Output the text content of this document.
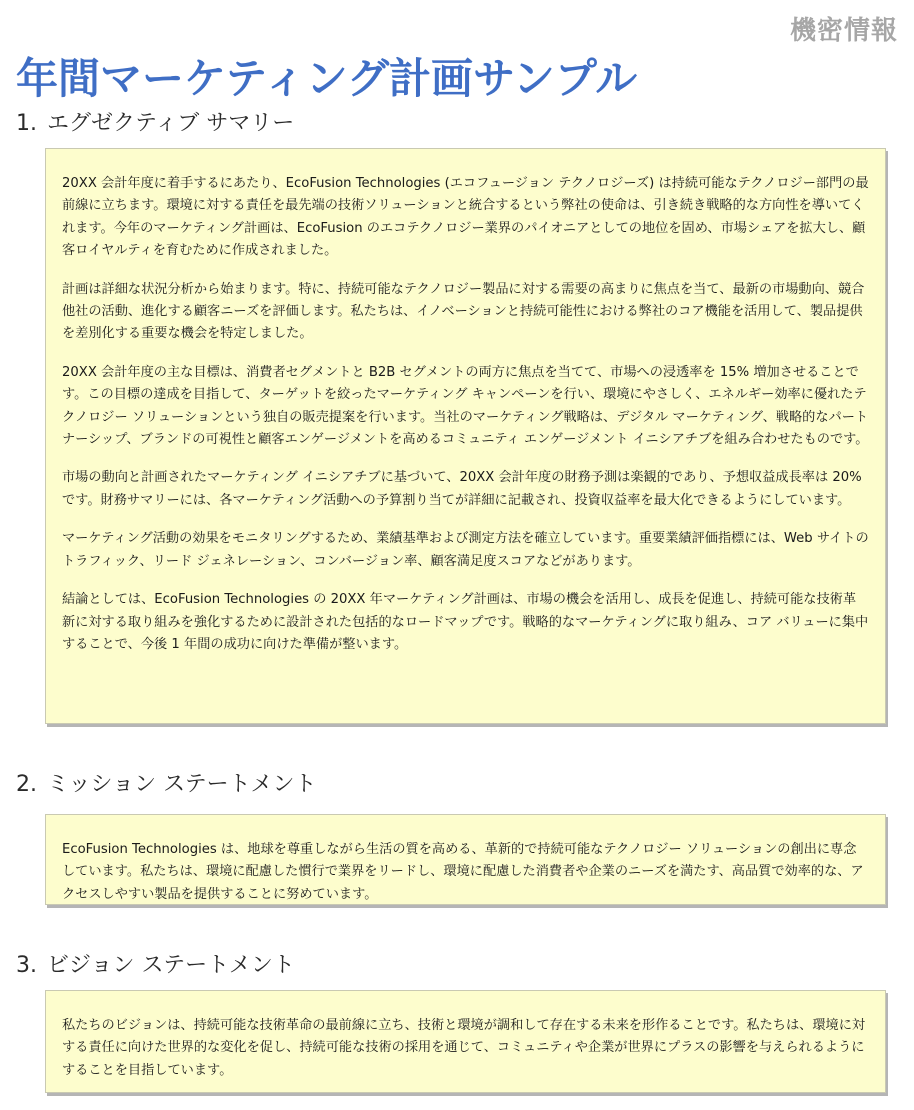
機密情報
年間マーケティング計画サンプル
1. エグゼクティブ サマリー

20XX 会計年度に着手するにあたり、EcoFusion Technologies (エコフュージョン テクノロジーズ) は持続可能なテクノロジー部門の最前線に立ちます。環境に対する責任を最先端の技術ソリューションと統合するという弊社の使命は、引き続き戦略的な方向性を導いてくれます。今年のマーケティング計画は、EcoFusion のエコテクノロジー業界のパイオニアとしての地位を固め、市場シェアを拡大し、顧客ロイヤルティを育むために作成されました。

計画は詳細な状況分析から始まります。特に、持続可能なテクノロジー製品に対する需要の高まりに焦点を当て、最新の市場動向、競合他社の活動、進化する顧客ニーズを評価します。私たちは、イノベーションと持続可能性における弊社のコア機能を活用して、製品提供を差別化する重要な機会を特定しました。

20XX 会計年度の主な目標は、消費者セグメントと B2B セグメントの両方に焦点を当てて、市場への浸透率を 15% 増加させることです。この目標の達成を目指して、ターゲットを絞ったマーケティング キャンペーンを行い、環境にやさしく、エネルギー効率に優れたテクノロジー ソリューションという独自の販売提案を行います。当社のマーケティング戦略は、デジタル マーケティング、戦略的なパートナーシップ、ブランドの可視性と顧客エンゲージメントを高めるコミュニティ エンゲージメント イニシアチブを組み合わせたものです。

市場の動向と計画されたマーケティング イニシアチブに基づいて、20XX 会計年度の財務予測は楽観的であり、予想収益成長率は 20% です。財務サマリーには、各マーケティング活動への予算割り当てが詳細に記載され、投資収益率を最大化できるようにしています。

マーケティング活動の効果をモニタリングするため、業績基準および測定方法を確立しています。重要業績評価指標には、Web サイトのトラフィック、リード ジェネレーション、コンバージョン率、顧客満足度スコアなどがあります。

結論としては、EcoFusion Technologies の 20XX 年マーケティング計画は、市場の機会を活用し、成長を促進し、持続可能な技術革新に対する取り組みを強化するために設計された包括的なロードマップです。戦略的なマーケティングに取り組み、コア バリューに集中することで、今後 1 年間の成功に向けた準備が整います。

2. ミッション ステートメント

EcoFusion Technologies は、地球を尊重しながら生活の質を高める、革新的で持続可能なテクノロジー ソリューションの創出に専念しています。私たちは、環境に配慮した慣行で業界をリードし、環境に配慮した消費者や企業のニーズを満たす、高品質で効率的な、アクセスしやすい製品を提供することに努めています。

3. ビジョン ステートメント

私たちのビジョンは、持続可能な技術革命の最前線に立ち、技術と環境が調和して存在する未来を形作ることです。私たちは、環境に対する責任に向けた世界的な変化を促し、持続可能な技術の採用を通じて、コミュニティや企業が世界にプラスの影響を与えられるようにすることを目指しています。
